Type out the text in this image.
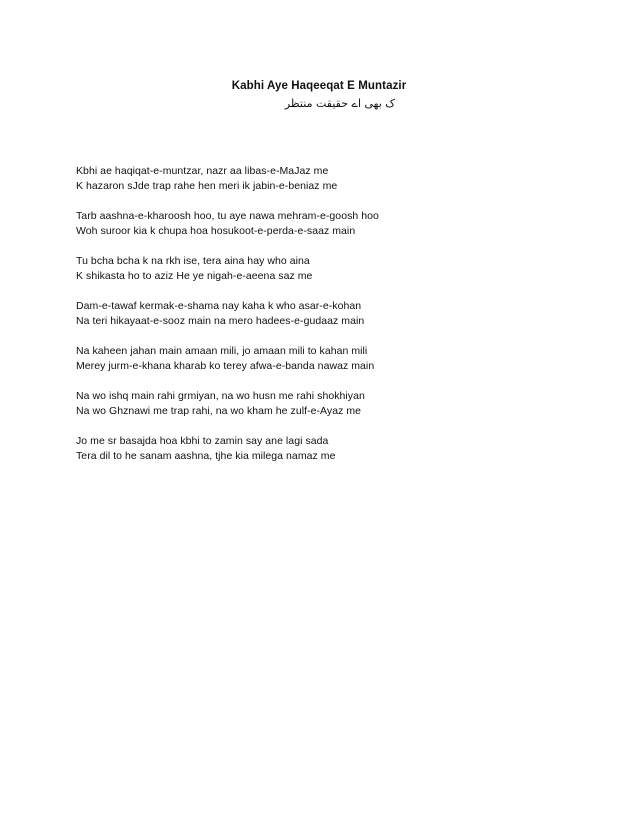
Kabhi Aye Haqeeqat E Muntazir
ک بھی اے حقیقت منتظر
Kbhi ae haqiqat-e-muntzar, nazr aa libas-e-MaJaz me
K hazaron sJde trap rahe hen meri ik jabin-e-beniaz me
Tarb aashna-e-kharoosh hoo, tu aye nawa mehram-e-goosh hoo
Woh suroor kia k chupa hoa hosukoot-e-perda-e-saaz main
Tu bcha bcha k na rkh ise, tera aina hay who aina
K shikasta ho to aziz He ye nigah-e-aeena saz me
Dam-e-tawaf kermak-e-shama nay kaha k who asar-e-kohan
Na teri hikayaat-e-sooz main na mero hadees-e-gudaaz main
Na kaheen jahan main amaan mili, jo amaan mili to kahan mili
Merey jurm-e-khana kharab ko terey afwa-e-banda nawaz main
Na wo ishq main rahi grmiyan, na wo husn me rahi shokhiyan
Na wo Ghznawi me trap rahi, na wo kham he zulf-e-Ayaz me
Jo me sr basajda hoa kbhi to zamin say ane lagi sada
Tera dil to he sanam aashna, tjhe kia milega namaz me
